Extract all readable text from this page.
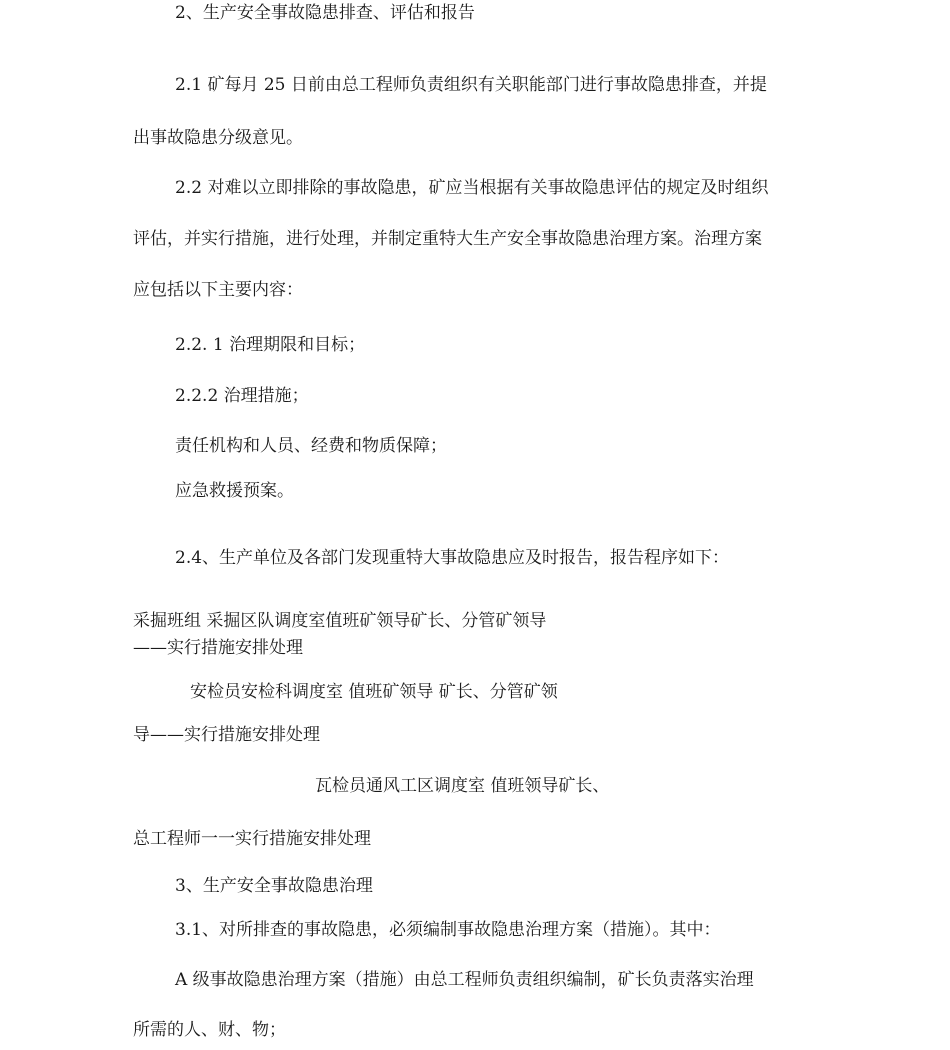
2、生产安全事故隐患排查、评估和报告
2.1 矿每月 25 日前由总工程师负责组织有关职能部门进行事故隐患排查，并提
出事故隐患分级意见。
2.2 对难以立即排除的事故隐患，矿应当根据有关事故隐患评估的规定及时组织
评估，并实行措施，进行处理，并制定重特大生产安全事故隐患治理方案。治理方案
应包括以下主要内容：
2.2. 1 治理期限和目标；
2.2.2 治理措施；
责任机构和人员、经费和物质保障；
应急救援预案。
2.4、生产单位及各部门发现重特大事故隐患应及时报告，报告程序如下：
采掘班组 采掘区队调度室值班矿领导矿长、分管矿领导
——实行措施安排处理
安检员安检科调度室 值班矿领导 矿长、分管矿领
导——实行措施安排处理
瓦检员通风工区调度室 值班领导矿长、
总工程师一一实行措施安排处理
3、生产安全事故隐患治理
3.1、对所排查的事故隐患，必须编制事故隐患治理方案（措施）。其中：
A 级事故隐患治理方案（措施）由总工程师负责组织编制，矿长负责落实治理
所需的人、财、物；
